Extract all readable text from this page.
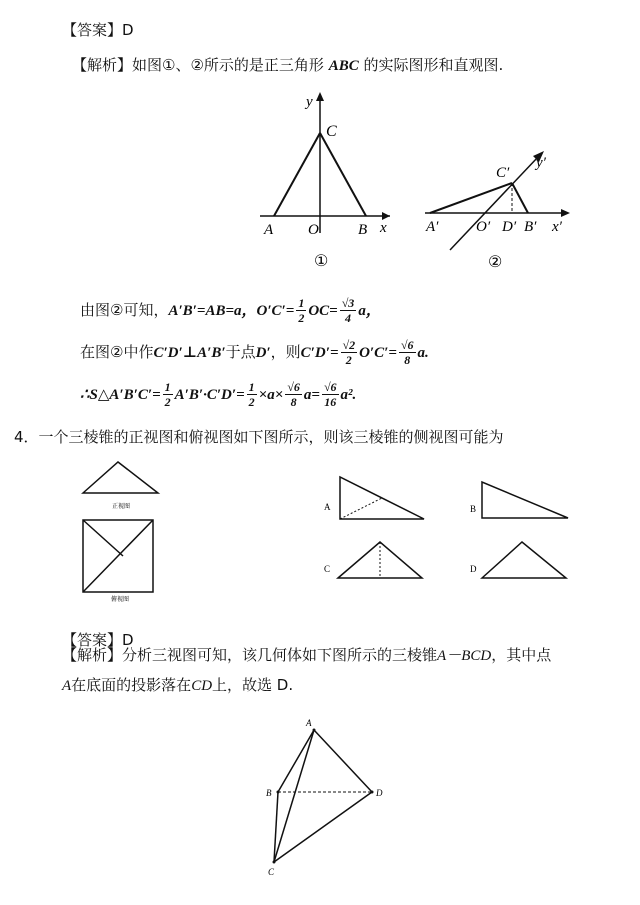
【答案】D
【解析】如图①、②所示的是正三角形 ABC 的实际图形和直观图.
y
C
A O	B x
①
C′
y′
A′	O′ D′ B′ x′
②
由图②可知，A′B′=AB=a，$O'C'= \frac{1}{2} OC= \frac{√3}{4}$ a，
在图②中作C′D′⊥A′B′于点D′，则$C'D'= \frac{√2}{2} O'C'= \frac{√6}{8} a$.
∴S△A′B′C′= $\frac{1}{2} A'B'\cdot C'D'= \frac{1}{2} \times a\times \frac{√6}{8} a= \frac{√6}{16} a^2$.
4．一个三棱锥的正视图和俯视图如下图所示，则该三棱锥的侧视图可能为
正视图
俯视图
A	B
C	D
【答案】D
【解析】分析三视图可知，该几何体如下图所示的三棱锥A－BCD，其中点
A在底面的投影落在CD上，故选 D.
A
B	D
C
